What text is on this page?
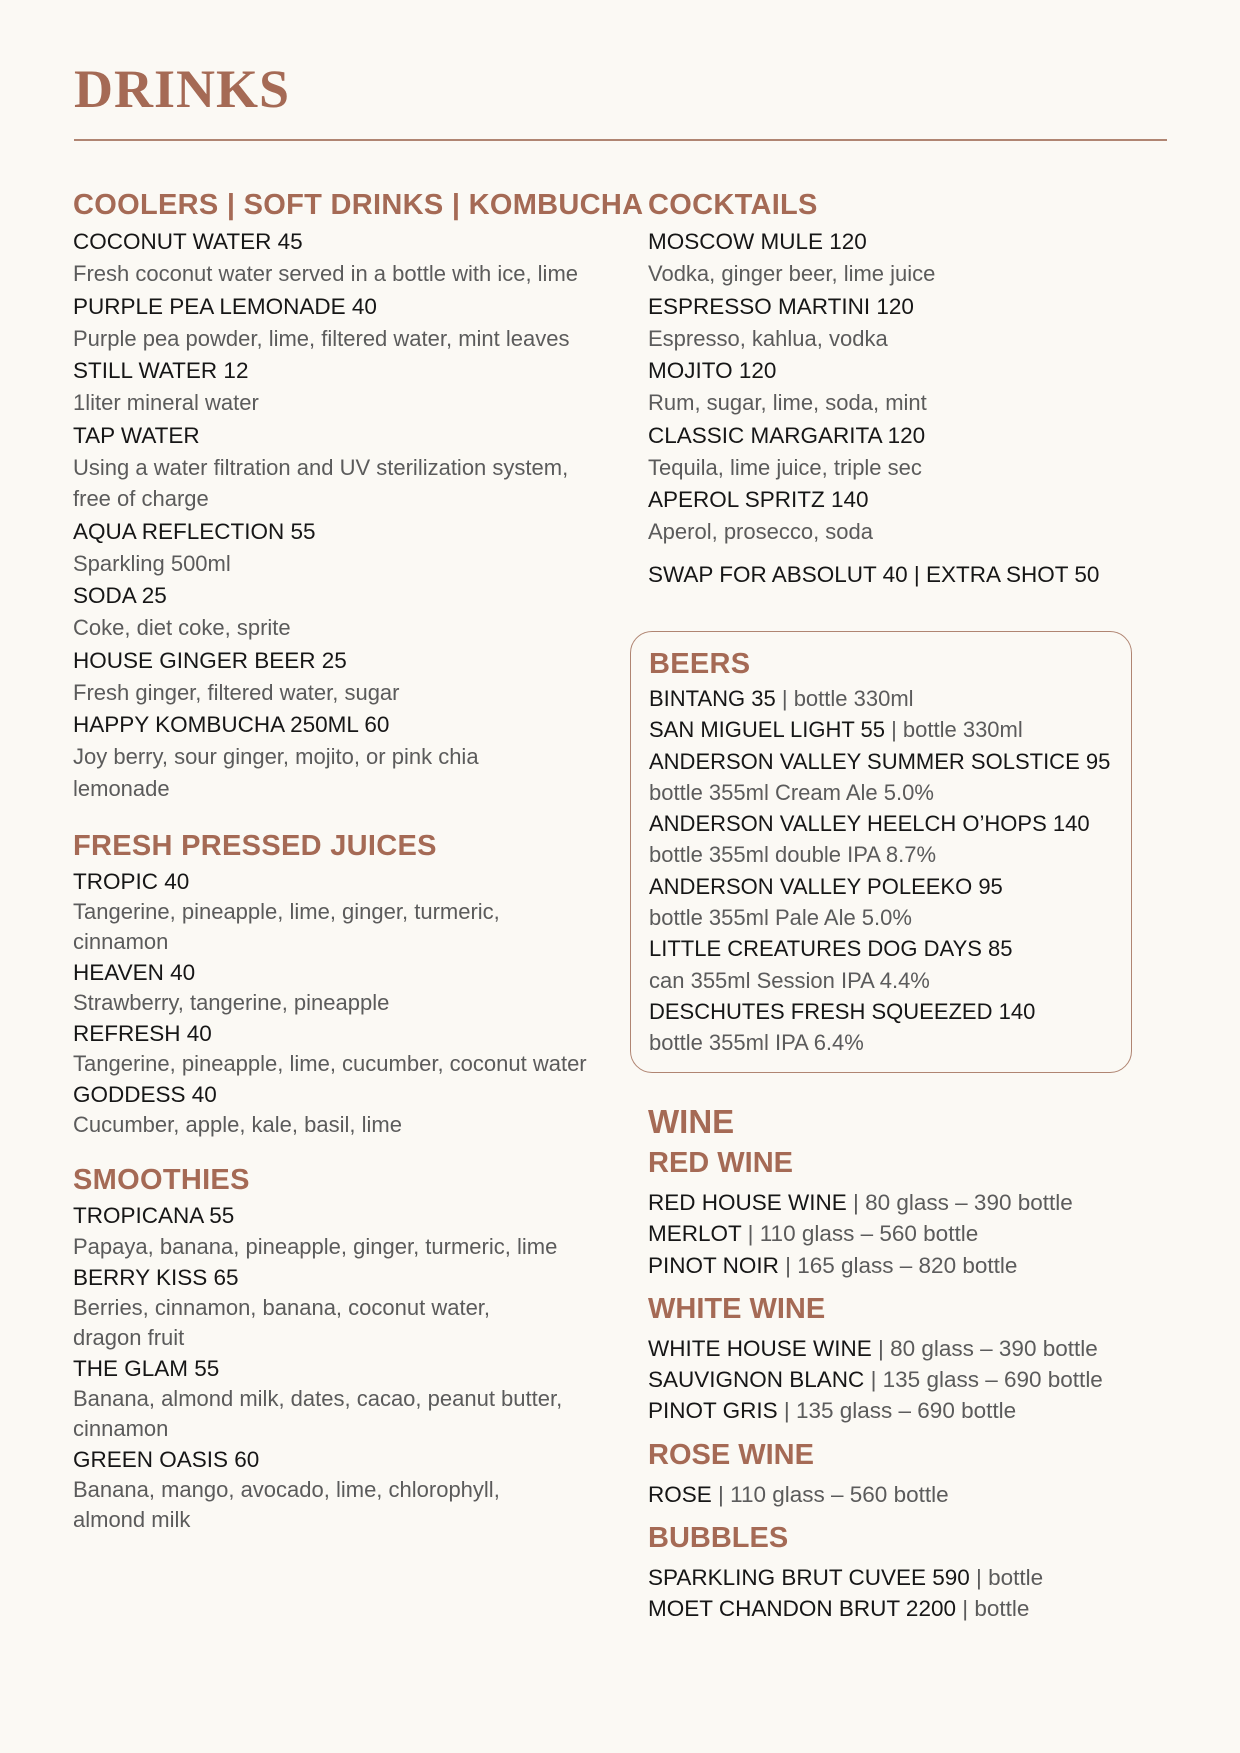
DRINKS
COOLERS | SOFT DRINKS | KOMBUCHA
COCONUT WATER 45
Fresh coconut water served in a bottle with ice, lime
PURPLE PEA LEMONADE 40
Purple pea powder, lime, filtered water, mint leaves
STILL WATER 12
1liter mineral water
TAP WATER
Using a water filtration and UV sterilization system, free of charge
AQUA REFLECTION 55
Sparkling 500ml
SODA 25
Coke, diet coke, sprite
HOUSE GINGER BEER 25
Fresh ginger, filtered water, sugar
HAPPY KOMBUCHA 250ML 60
Joy berry, sour ginger, mojito, or pink chia lemonade
FRESH PRESSED JUICES
TROPIC 40
Tangerine, pineapple, lime, ginger, turmeric, cinnamon
HEAVEN 40
Strawberry, tangerine, pineapple
REFRESH 40
Tangerine, pineapple, lime, cucumber, coconut water
GODDESS 40
Cucumber, apple, kale, basil, lime
SMOOTHIES
TROPICANA 55
Papaya, banana, pineapple, ginger, turmeric, lime
BERRY KISS 65
Berries, cinnamon, banana, coconut water, dragon fruit
THE GLAM 55
Banana, almond milk, dates, cacao, peanut butter, cinnamon
GREEN OASIS 60
Banana, mango, avocado, lime, chlorophyll, almond milk
COCKTAILS
MOSCOW MULE 120
Vodka, ginger beer, lime juice
ESPRESSO MARTINI 120
Espresso, kahlua, vodka
MOJITO 120
Rum, sugar, lime, soda, mint
CLASSIC MARGARITA 120
Tequila, lime juice, triple sec
APEROL SPRITZ 140
Aperol, prosecco, soda
SWAP FOR ABSOLUT 40 | EXTRA SHOT 50
BEERS
BINTANG 35 | bottle 330ml
SAN MIGUEL LIGHT 55 | bottle 330ml
ANDERSON VALLEY SUMMER SOLSTICE 95
bottle 355ml Cream Ale 5.0%
ANDERSON VALLEY HEELCH O’HOPS 140
bottle 355ml double IPA 8.7%
ANDERSON VALLEY POLEEKO 95
bottle 355ml Pale Ale 5.0%
LITTLE CREATURES DOG DAYS 85
can 355ml Session IPA 4.4%
DESCHUTES FRESH SQUEEZED 140
bottle 355ml IPA 6.4%
WINE
RED WINE
RED HOUSE WINE | 80 glass – 390 bottle
MERLOT | 110 glass – 560 bottle
PINOT NOIR | 165 glass – 820 bottle
WHITE WINE
WHITE HOUSE WINE | 80 glass – 390 bottle
SAUVIGNON BLANC | 135 glass – 690 bottle
PINOT GRIS | 135 glass – 690 bottle
ROSE WINE
ROSE | 110 glass – 560 bottle
BUBBLES
SPARKLING BRUT CUVEE 590 | bottle
MOET CHANDON BRUT 2200 | bottle
